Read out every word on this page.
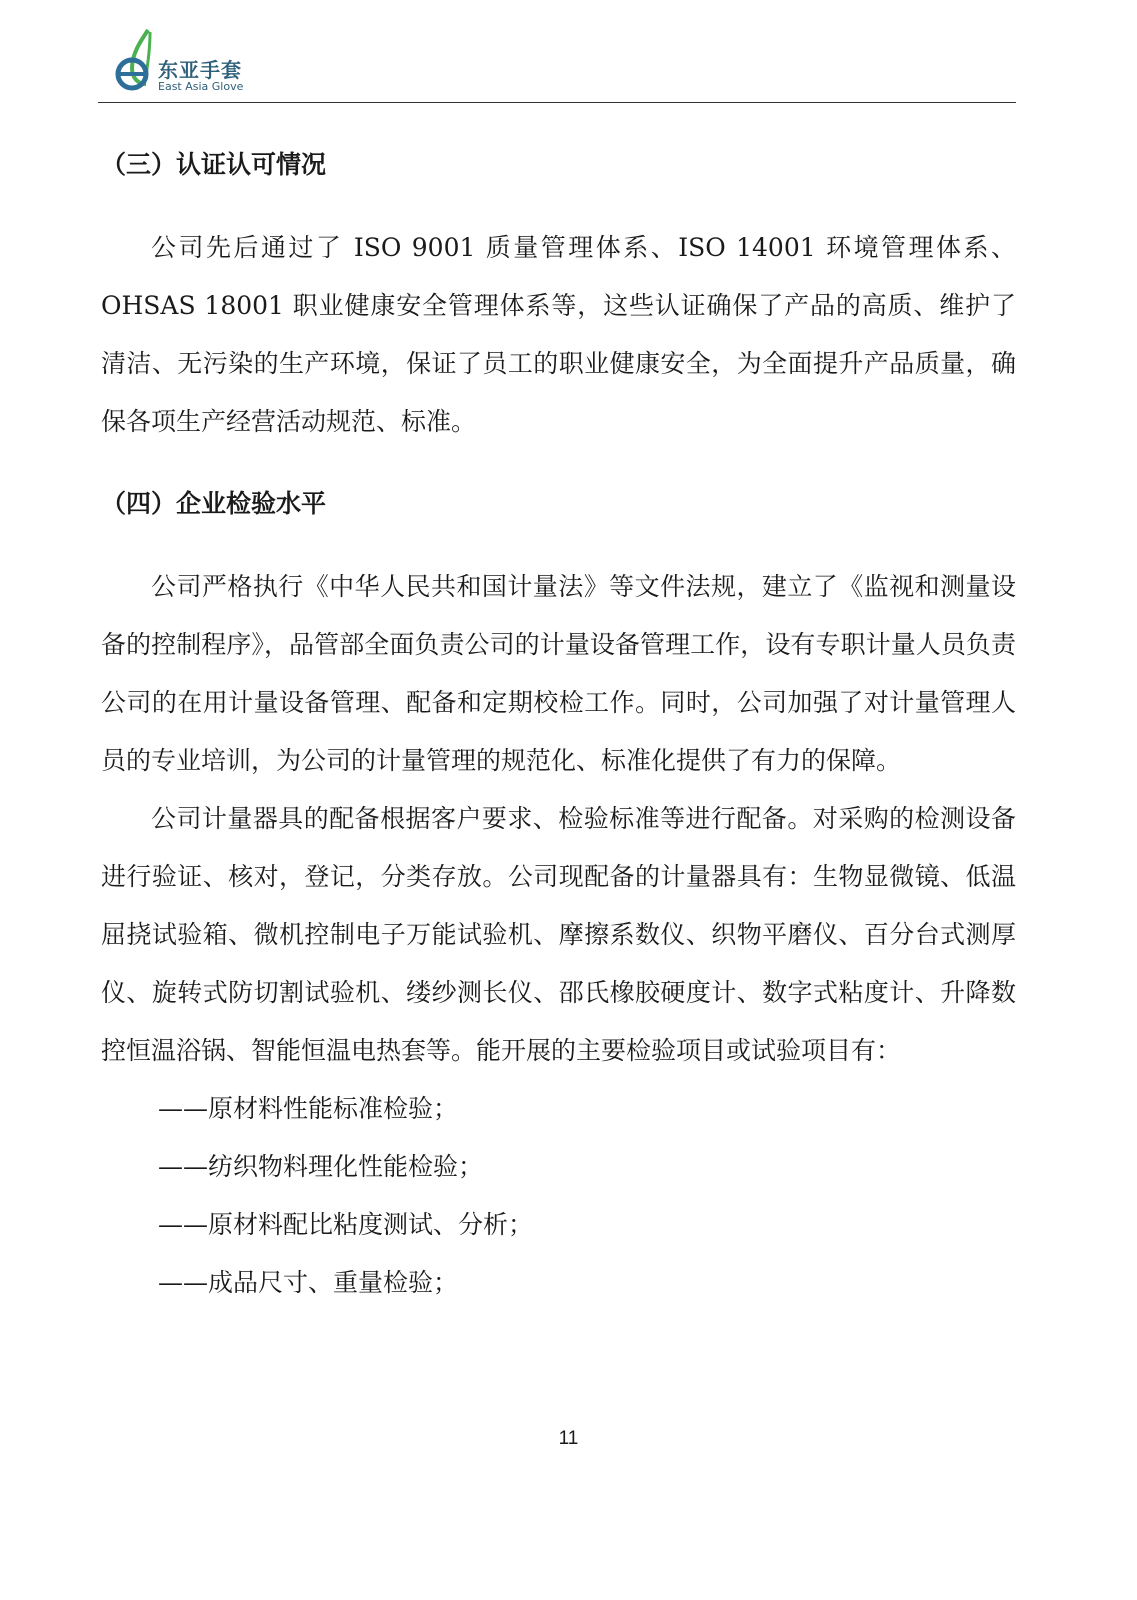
东亚手套
East Asia Glove
（三）认证认可情况

公司先后通过了 ISO 9001 质量管理体系、ISO 14001 环境管理体系、OHSAS 18001 职业健康安全管理体系等，这些认证确保了产品的高质、维护了清洁、无污染的生产环境，保证了员工的职业健康安全，为全面提升产品质量，确保各项生产经营活动规范、标准。

（四）企业检验水平

公司严格执行《中华人民共和国计量法》等文件法规，建立了《监视和测量设备的控制程序》，品管部全面负责公司的计量设备管理工作，设有专职计量人员负责公司的在用计量设备管理、配备和定期校检工作。同时，公司加强了对计量管理人员的专业培训，为公司的计量管理的规范化、标准化提供了有力的保障。

公司计量器具的配备根据客户要求、检验标准等进行配备。对采购的检测设备进行验证、核对，登记，分类存放。公司现配备的计量器具有：生物显微镜、低温屈挠试验箱、微机控制电子万能试验机、摩擦系数仪、织物平磨仪、百分台式测厚仪、旋转式防切割试验机、缕纱测长仪、邵氏橡胶硬度计、数字式粘度计、升降数控恒温浴锅、智能恒温电热套等。能开展的主要检验项目或试验项目有：

——原材料性能标准检验；

——纺织物料理化性能检验；

——原材料配比粘度测试、分析；

——成品尺寸、重量检验；

11
